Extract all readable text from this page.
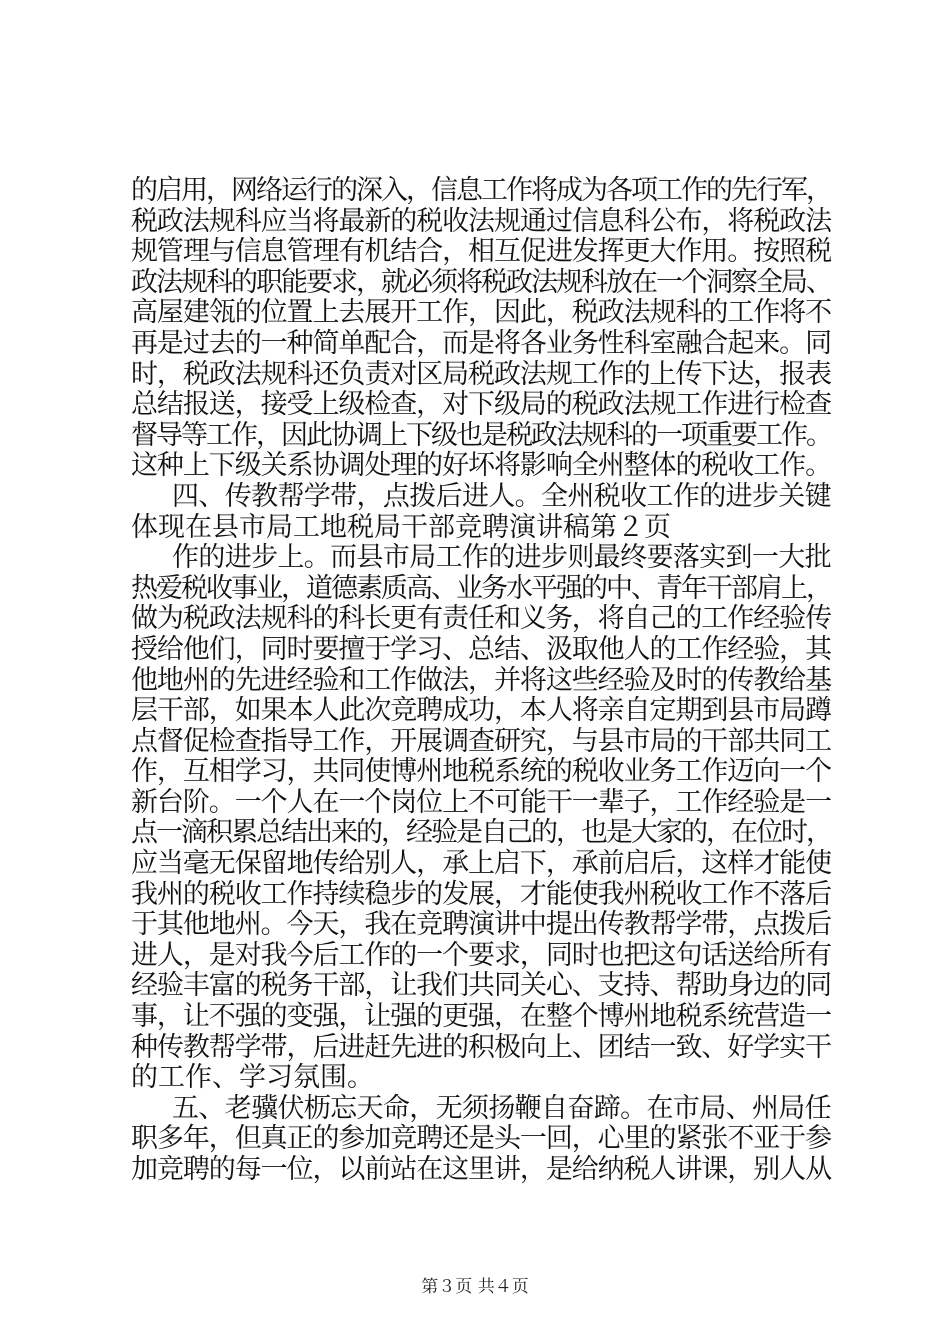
的启用，网络运行的深入，信息工作将成为各项工作的先行军，
税政法规科应当将最新的税收法规通过信息科公布，将税政法
规管理与信息管理有机结合，相互促进发挥更大作用。按照税
政法规科的职能要求，就必须将税政法规科放在一个洞察全局、
高屋建瓴的位置上去展开工作，因此，税政法规科的工作将不
再是过去的一种简单配合，而是将各业务性科室融合起来。同
时，税政法规科还负责对区局税政法规工作的上传下达，报表
总结报送，接受上级检查，对下级局的税政法规工作进行检查
督导等工作，因此协调上下级也是税政法规科的一项重要工作。
这种上下级关系协调处理的好坏将影响全州整体的税收工作。
四、传教帮学带，点拨后进人。全州税收工作的进步关键
体现在县市局工地税局干部竞聘演讲稿第２页
作的进步上。而县市局工作的进步则最终要落实到一大批
热爱税收事业，道德素质高、业务水平强的中、青年干部肩上，
做为税政法规科的科长更有责任和义务，将自己的工作经验传
授给他们，同时要擅于学习、总结、汲取他人的工作经验，其
他地州的先进经验和工作做法，并将这些经验及时的传教给基
层干部，如果本人此次竞聘成功，本人将亲自定期到县市局蹲
点督促检查指导工作，开展调查研究，与县市局的干部共同工
作，互相学习，共同使博州地税系统的税收业务工作迈向一个
新台阶。一个人在一个岗位上不可能干一辈子，工作经验是一
点一滴积累总结出来的，经验是自己的，也是大家的，在位时，
应当毫无保留地传给别人，承上启下，承前启后，这样才能使
我州的税收工作持续稳步的发展，才能使我州税收工作不落后
于其他地州。今天，我在竞聘演讲中提出传教帮学带，点拨后
进人，是对我今后工作的一个要求，同时也把这句话送给所有
经验丰富的税务干部，让我们共同关心、支持、帮助身边的同
事，让不强的变强，让强的更强，在整个博州地税系统营造一
种传教帮学带，后进赶先进的积极向上、团结一致、好学实干
的工作、学习氛围。
五、老骥伏枥忘天命，无须扬鞭自奋蹄。在市局、州局任
职多年，但真正的参加竞聘还是头一回，心里的紧张不亚于参
加竞聘的每一位，以前站在这里讲，是给纳税人讲课，别人从
第３页 共４页
